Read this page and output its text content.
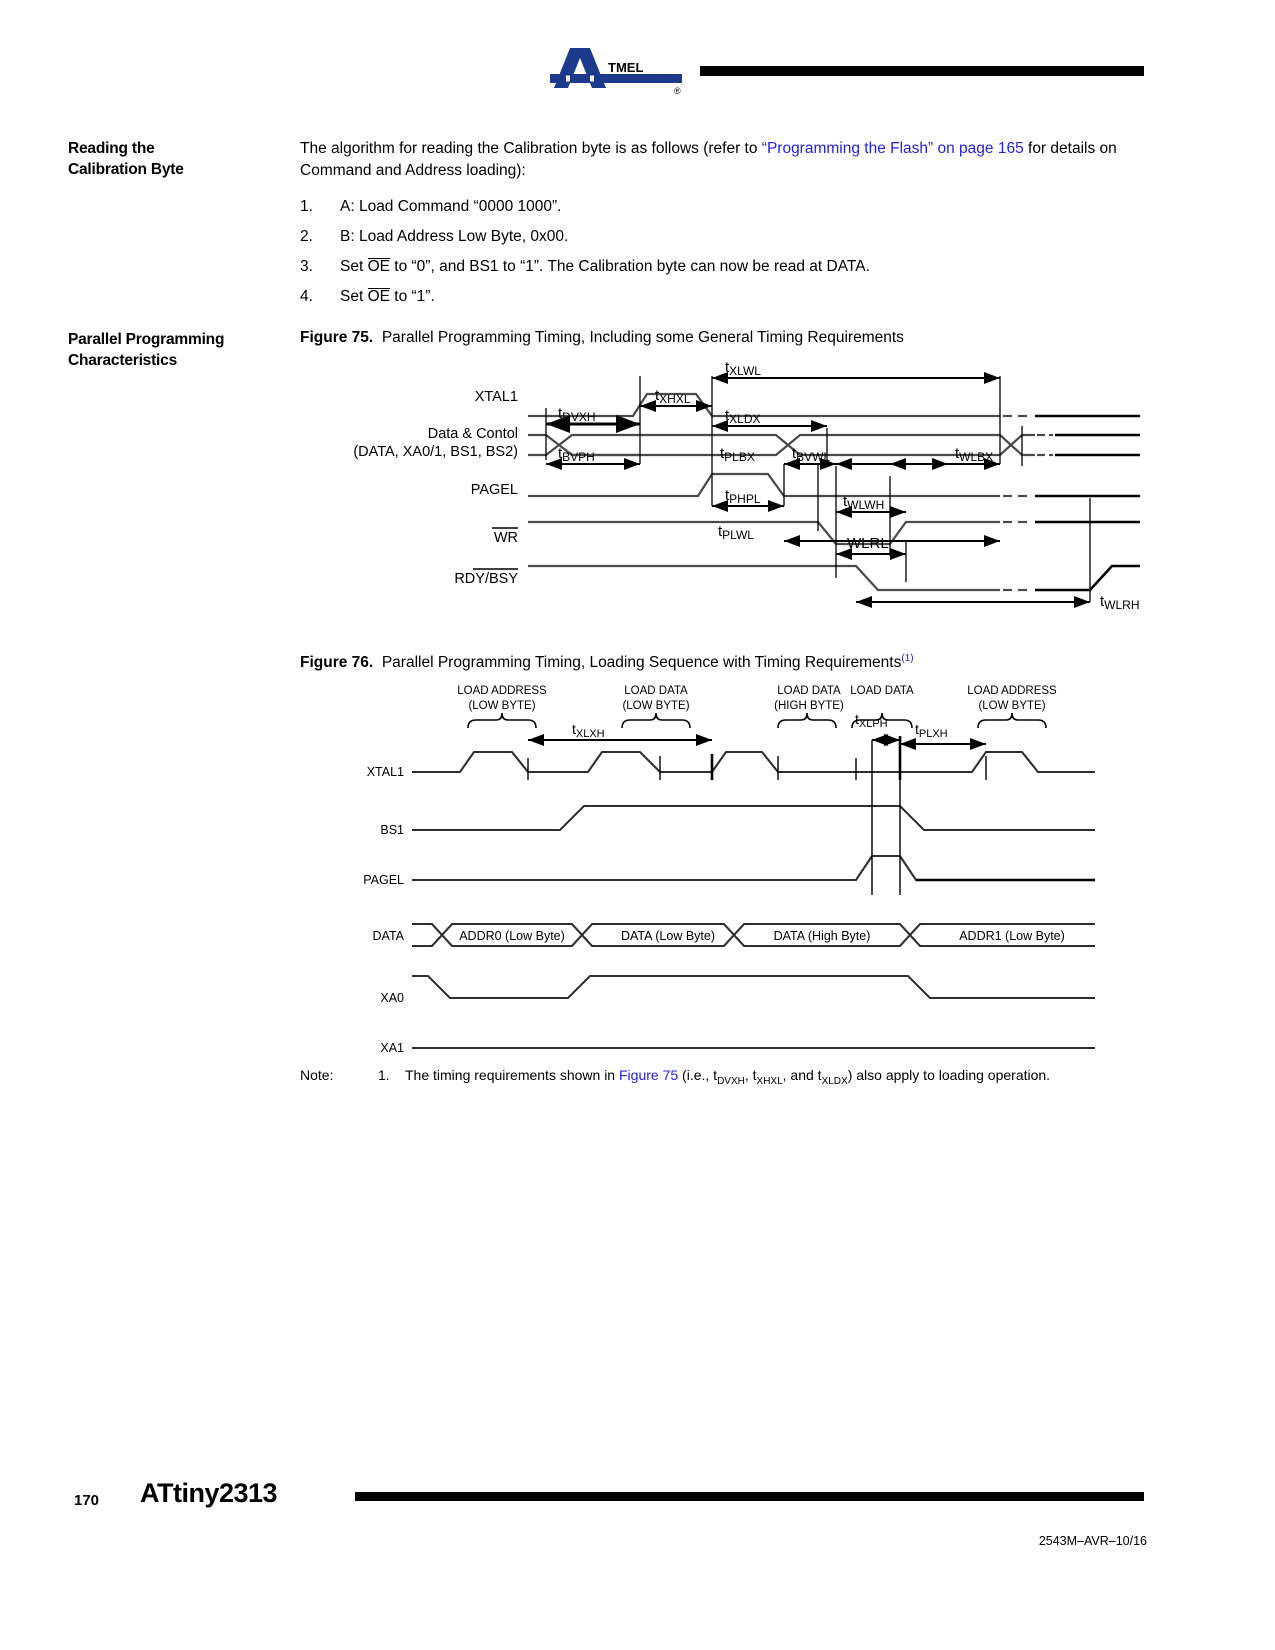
TMEL
®
Reading the
Calibration Byte

The algorithm for reading the Calibration byte is as follows (refer to “Programming the Flash” on page 165 for details on Command and Address loading):

1.	A: Load Command “0000 1000”.
2.	B: Load Address Low Byte, 0x00.
3.	Set OE to “0”, and BS1 to “1”. The Calibration byte can now be read at DATA.
4.	Set OE to “1”.
Parallel Programming
Characteristics
Figure 75. Parallel Programming Timing, Including some General Timing Requirements
XTAL1
Data & Contol
(DATA, XA0/1, BS1, BS2)
PAGEL
WR
RDY/BSY
$t_{XLWL}$
$t_{XHXL}$
$t_{DVXH}$	$t_{XLDX}$
$t_{BVPH}$	$t_{PLBX}$ $t_{BVWL}$	$t_{WLBX}$
$t_{PHPL}$	$t_{WLWH}$
$t_{PLWL}$	WLRL
$t_{WLRH}$
Figure 76. Parallel Programming Timing, Loading Sequence with Timing Requirements$^{(1)}$
LOAD ADDRESS
(LOW BYTE)
LOAD DATA
(LOW BYTE)
LOAD DATA
(HIGH BYTE)
LOAD DATA	LOAD ADDRESS
(LOW BYTE)
$t_{XLXH}$
$t_{XLPH}$ $t_{PLXH}$
ADDR0 (Low Byte)	DATA (Low Byte)	DATA (High Byte)	ADDR1 (Low Byte)
XTAL1
BS1
PAGEL
DATA
XA0
XA1
Note:	1. The timing requirements shown in Figure 75 (i.e., $t_{DVXH}$, $t_{XHXL}$, and $t_{XLDX}$) also apply to loading operation.
170 ATtiny2313
2543M–AVR–10/16
